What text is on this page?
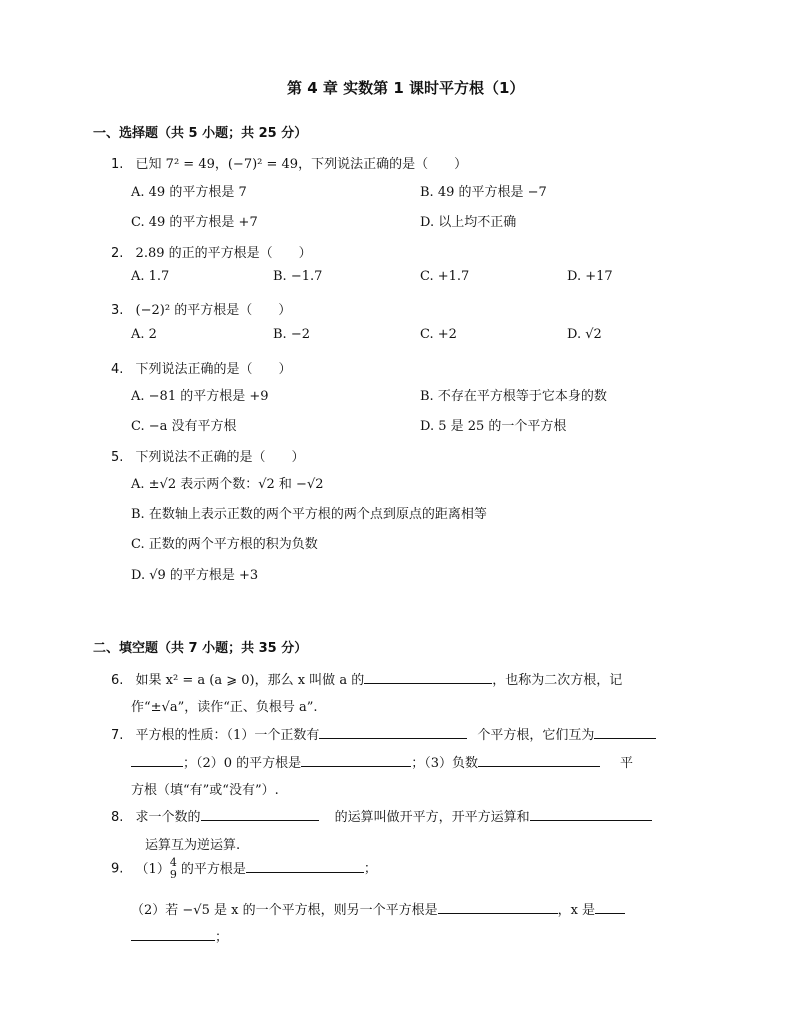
第 4 章 实数第 1 课时平方根（1）
一、选择题（共 5 小题；共 25 分）
1. 已知 7² = 49，(−7)² = 49，下列说法正确的是（　　）
A. 49 的平方根是 7	B. 49 的平方根是 −7
C. 49 的平方根是 +7	D. 以上均不正确
2. 2.89 的正的平方根是（　　）
A. 1.7	B. −1.7	C. +1.7	D. +17
3. (−2)² 的平方根是（　　）
A. 2	B. −2	C. +2	D. √2
4. 下列说法正确的是（　　）
A. −81 的平方根是 +9	B. 不存在平方根等于它本身的数
C. −a 没有平方根	D. 5 是 25 的一个平方根
5. 下列说法不正确的是（　　）
A. ±√2 表示两个数：√2 和 −√2
B. 在数轴上表示正数的两个平方根的两个点到原点的距离相等
C. 正数的两个平方根的积为负数
D. √9 的平方根是 +3
二、填空题（共 7 小题；共 35 分）
6. 如果 x² = a (a ⩾ 0)，那么 x 叫做 a 的	，也称为二次方根，记
作“±√a”，读作“正、负根号 a”.
7. 平方根的性质：（1）一个正数有	个平方根，它们互为
；（2）0 的平方根是	；（3）负数	平
方根（填“有”或“没有”）.
8. 求一个数的	的运算叫做开平方，开平方运算和
运算互为逆运算.
9. （1） 4
9 的平方根是	；
（2）若 −√5 是 x 的一个平方根，则另一个平方根是	，x 是
；
